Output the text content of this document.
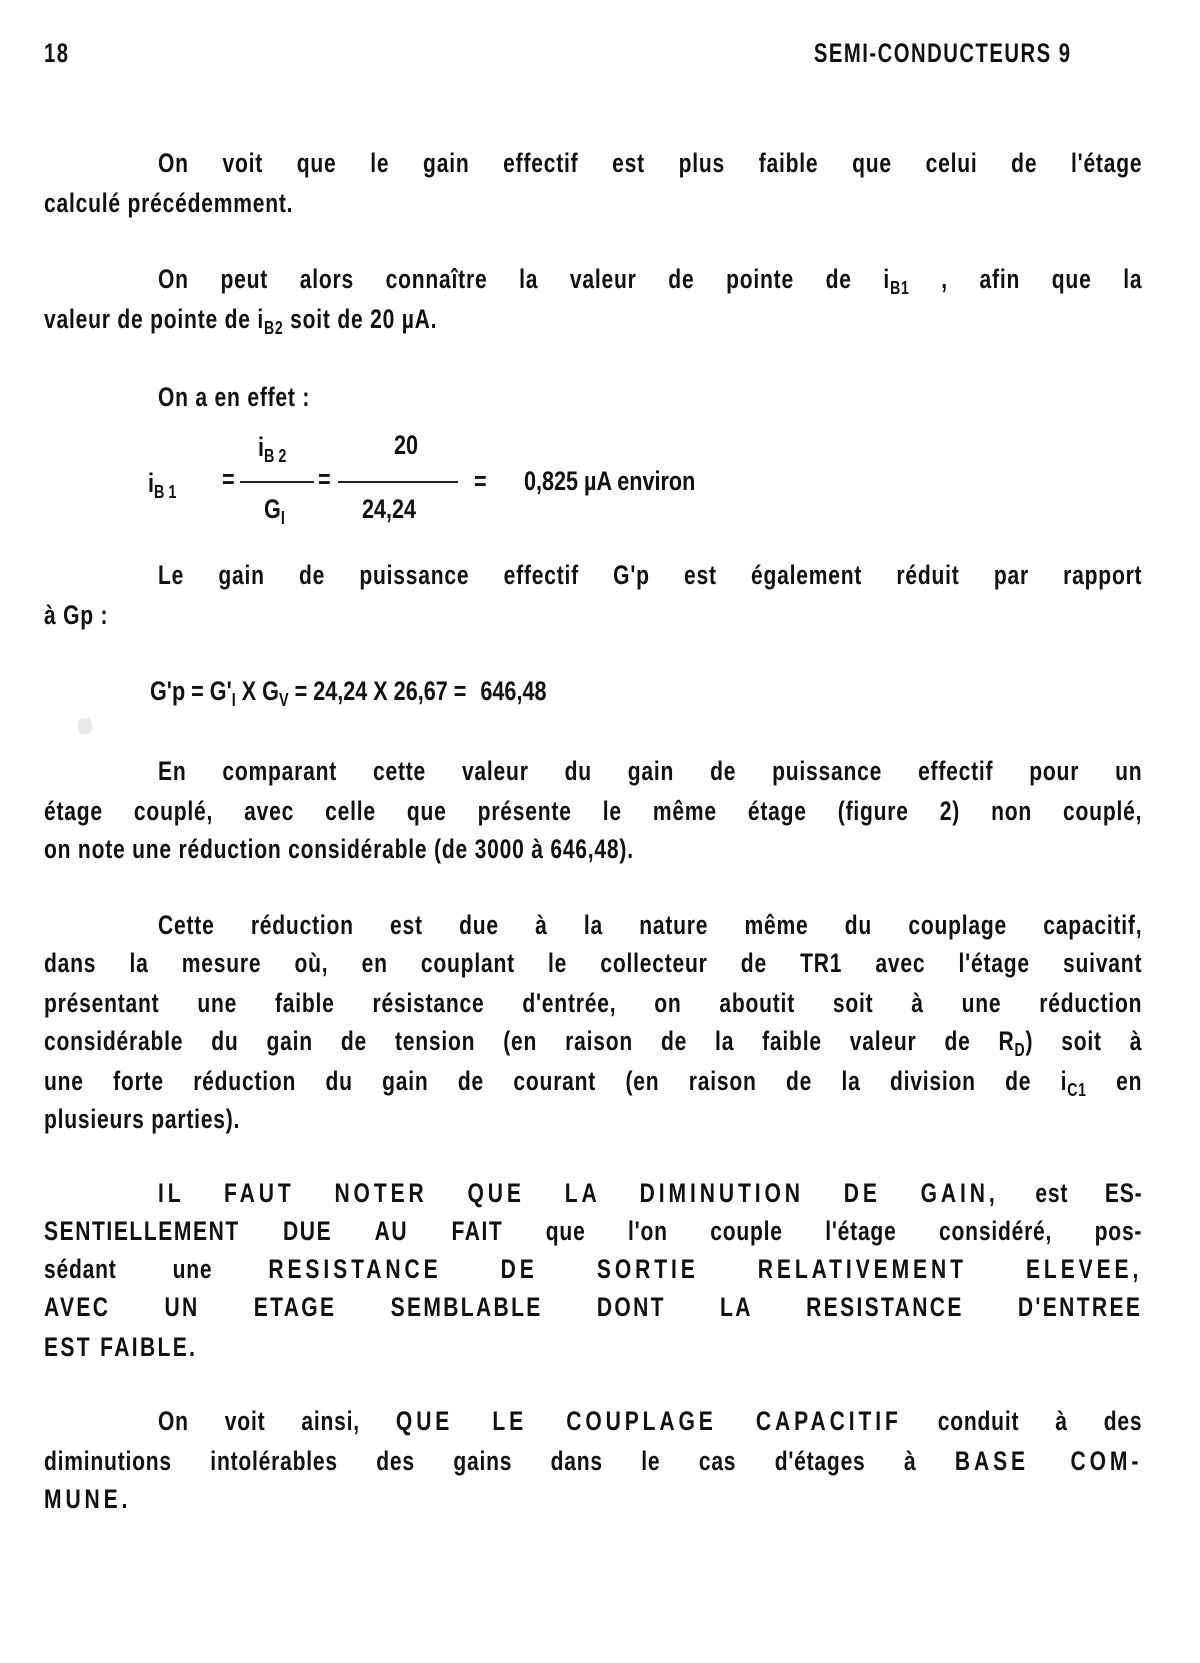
18	SEMI-CONDUCTEURS 9
On voit que le gain effectif est plus faible que celui de l'étage
calculé précédemment.
On peut alors connaître la valeur de pointe de $i_{B1}$ , afin que la
valeur de pointe de $i_{B2}$ soit de 20 µA.
On a en effet :
$i_{B 1}$ =
$i_{B 2}$
$G_I$
=
20
24,24
= 0,825 µA environ
Le gain de puissance effectif G'p est également réduit par rapport
à Gp :
$G'p = G'_I$ X $G_V = 24,24$ X 26,67 = 646,48
En comparant cette valeur du gain de puissance effectif pour un
étage couplé, avec celle que présente le même étage (figure 2) non couplé,
on note une réduction considérable (de 3000 à 646,48).
Cette réduction est due à la nature même du couplage capacitif,
dans la mesure où, en couplant le collecteur de TR1 avec l'étage suivant
présentant une faible résistance d'entrée, on aboutit soit à une réduction
considérable du gain de tension (en raison de la faible valeur de $R_D$) soit à
une forte réduction du gain de courant (en raison de la division de $i_{C1}$ en
plusieurs parties).
IL FAUT NOTER QUE LA DIMINUTION DE GAIN, est ES-
SENTIELLEMENT DUE AU FAIT que l'on couple l'étage considéré, pos-
sédant une RESISTANCE DE SORTIE RELATIVEMENT ELEVEE,
AVEC UN ETAGE SEMBLABLE DONT LA RESISTANCE D'ENTREE
EST FAIBLE.
On voit ainsi, QUE LE COUPLAGE CAPACITIF conduit à des
diminutions intolérables des gains dans le cas d'étages à BASE COM-
MUNE.
